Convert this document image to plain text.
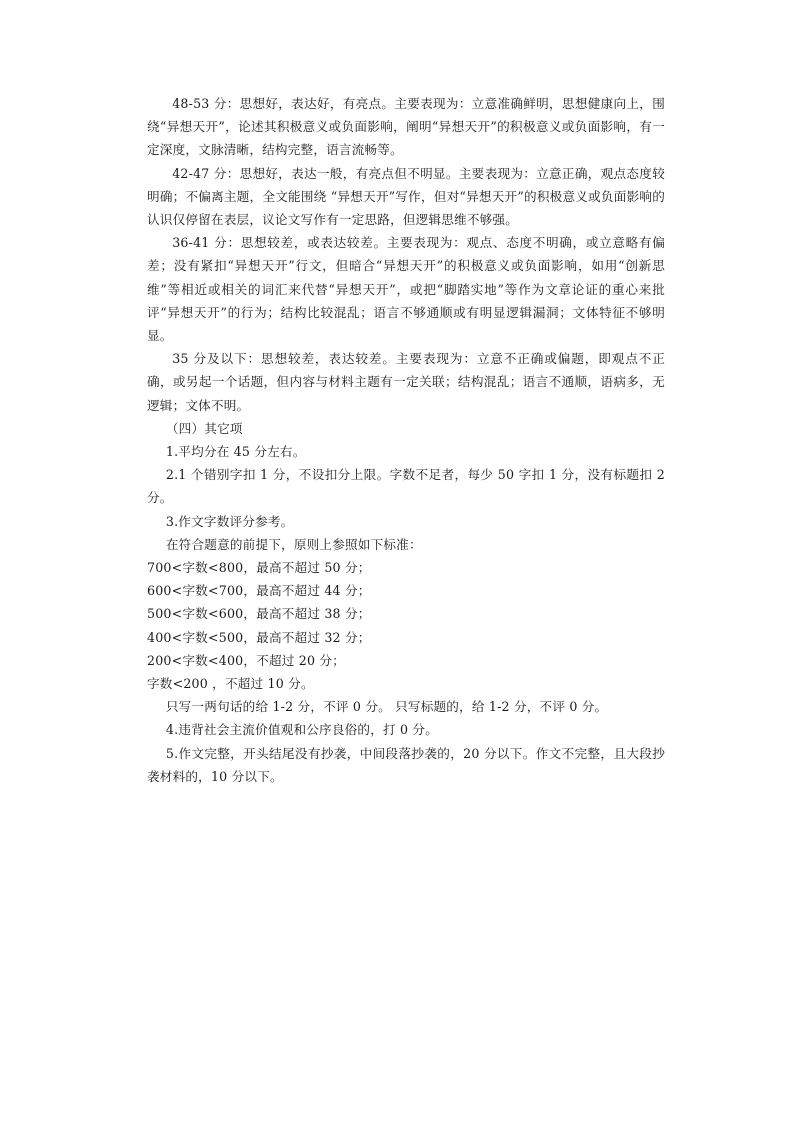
48-53 分：思想好，表达好，有亮点。主要表现为：立意准确鲜明，思想健康向上，围绕“异想天开”，论述其积极意义或负面影响，阐明“异想天开”的积极意义或负面影响，有一定深度，文脉清晰，结构完整，语言流畅等。

42-47 分：思想好，表达一般，有亮点但不明显。主要表现为：立意正确，观点态度较明确；不偏离主题，全文能围绕 “异想天开”写作，但对“异想天开”的积极意义或负面影响的认识仅停留在表层，议论文写作有一定思路，但逻辑思维不够强。

36-41 分：思想较差，或表达较差。主要表现为：观点、态度不明确，或立意略有偏差；没有紧扣“异想天开”行文，但暗合“异想天开”的积极意义或负面影响，如用“创新思维”等相近或相关的词汇来代替“异想天开”，或把“脚踏实地”等作为文章论证的重心来批评“异想天开”的行为；结构比较混乱；语言不够通顺或有明显逻辑漏洞；文体特征不够明显。

35 分及以下：思想较差，表达较差。主要表现为：立意不正确或偏题，即观点不正确，或另起一个话题，但内容与材料主题有一定关联；结构混乱；语言不通顺，语病多，无逻辑；文体不明。

（四）其它项

1.平均分在 45 分左右。

2.1 个错别字扣 1 分，不设扣分上限。字数不足者，每少 50 字扣 1 分，没有标题扣 2 分。

3.作文字数评分参考。

在符合题意的前提下，原则上参照如下标准：

700<字数<800，最高不超过 50 分；

600<字数<700，最高不超过 44 分；

500<字数<600，最高不超过 38 分；

400<字数<500，最高不超过 32 分；

200<字数<400，不超过 20 分；

字数<200 ，不超过 10 分。

只写一两句话的给 1-2 分，不评 0 分。 只写标题的，给 1-2 分，不评 0 分。

4.违背社会主流价值观和公序良俗的，打 0 分。

5.作文完整，开头结尾没有抄袭，中间段落抄袭的，20 分以下。作文不完整，且大段抄袭材料的，10 分以下。
